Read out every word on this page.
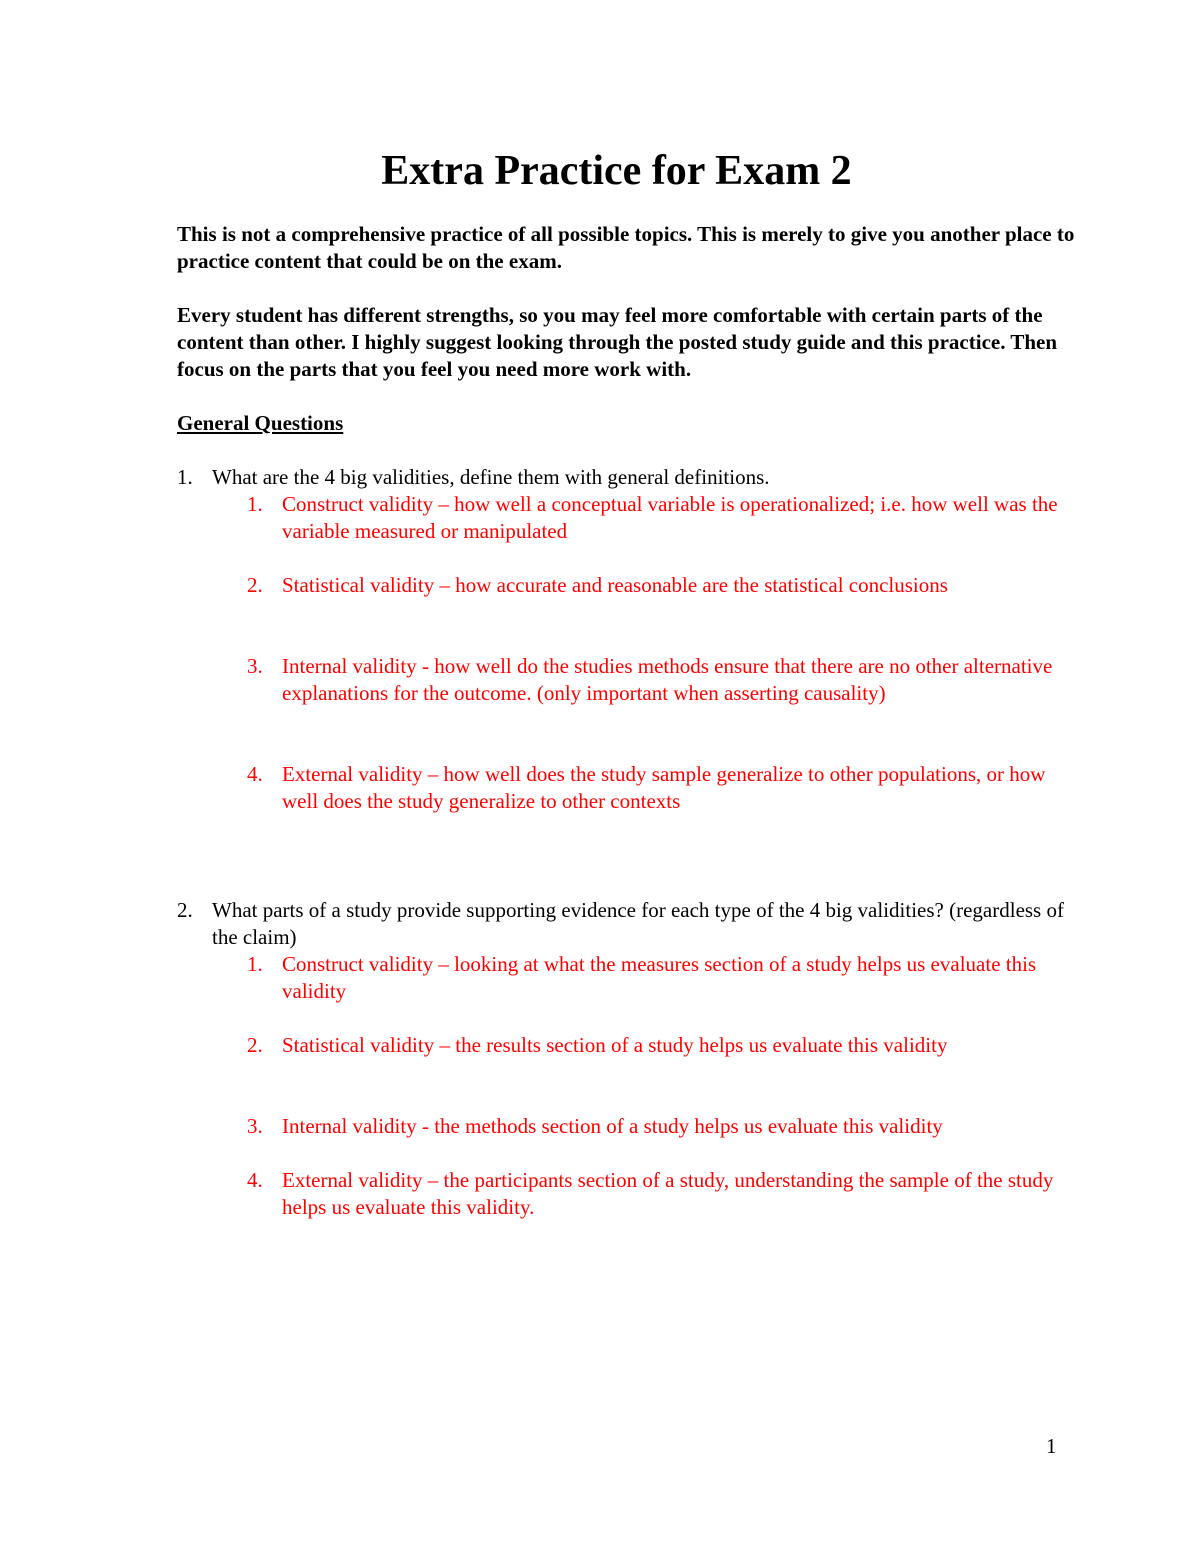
Extra Practice for Exam 2
This is not a comprehensive practice of all possible topics. This is merely to give you another place to practice content that could be on the exam.
Every student has different strengths, so you may feel more comfortable with certain parts of the content than other. I highly suggest looking through the posted study guide and this practice. Then focus on the parts that you feel you need more work with.
General Questions
1. What are the 4 big validities, define them with general definitions.
1. Construct validity – how well a conceptual variable is operationalized; i.e. how well was the variable measured or manipulated
2. Statistical validity – how accurate and reasonable are the statistical conclusions
3. Internal validity - how well do the studies methods ensure that there are no other alternative explanations for the outcome. (only important when asserting causality)
4. External validity – how well does the study sample generalize to other populations, or how well does the study generalize to other contexts
2. What parts of a study provide supporting evidence for each type of the 4 big validities? (regardless of the claim)
1. Construct validity – looking at what the measures section of a study helps us evaluate this validity
2. Statistical validity – the results section of a study helps us evaluate this validity
3. Internal validity - the methods section of a study helps us evaluate this validity
4. External validity – the participants section of a study, understanding the sample of the study helps us evaluate this validity.
1
